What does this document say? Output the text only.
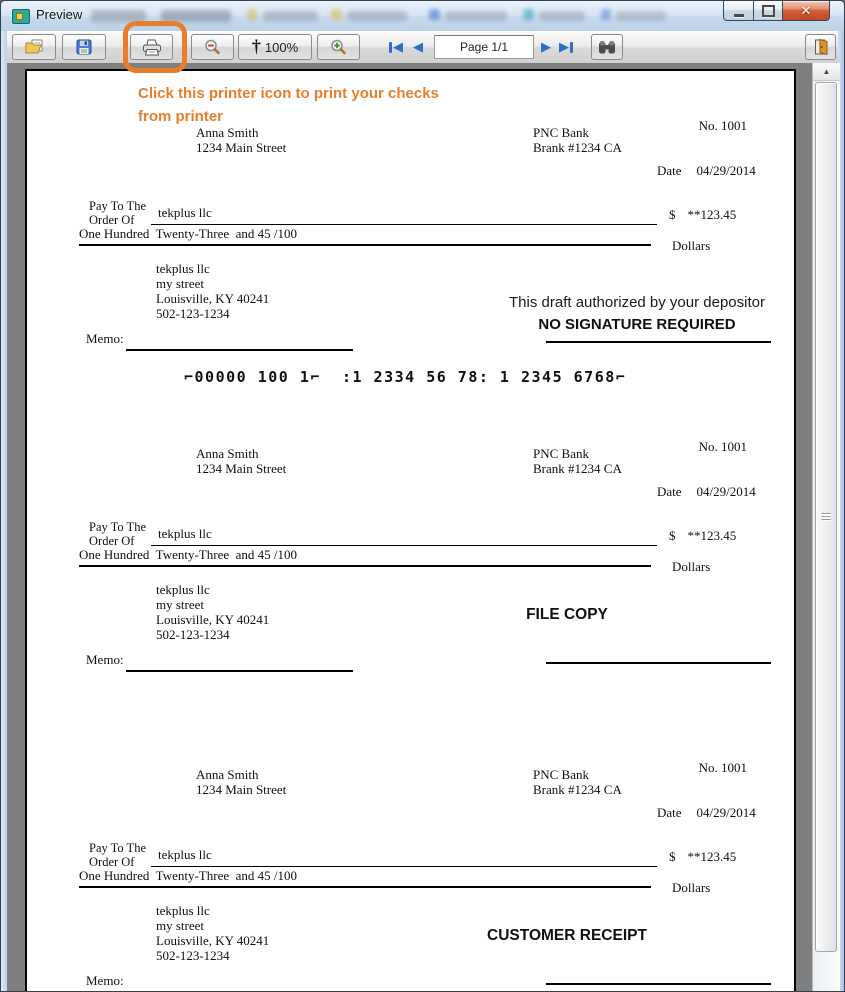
Preview	✕
† 100%	◀ ◀	Page 1/1	▶ ▶
Click this printer icon to print your checks
from printer
Anna Smith
1234 Main Street
PNC Bank
Brank #1234 CA
No. 1001
Date 04/29/2014
Pay To The
Order Of	tekplus llc	$ **123.45
One Hundred  Twenty-Three  and 45 /100
Dollars
tekplus llc
my street
Louisville, KY 40241
502-123-1234
This draft authorized by your depositor
NO SIGNATURE REQUIRED
Memo:
⌐00000 100 1⌐  :1 2334 56 78: 1 2345 6768⌐
Anna Smith
1234 Main Street
PNC Bank
Brank #1234 CA
No. 1001
Date 04/29/2014
Pay To The
Order Of	tekplus llc	$ **123.45
One Hundred  Twenty-Three  and 45 /100
Dollars
tekplus llc
my street
Louisville, KY 40241
502-123-1234
FILE COPY
Memo:
Anna Smith
1234 Main Street
PNC Bank
Brank #1234 CA
No. 1001
Date 04/29/2014
Pay To The
Order Of	tekplus llc	$ **123.45
One Hundred  Twenty-Three  and 45 /100
Dollars
tekplus llc
my street
Louisville, KY 40241
502-123-1234
CUSTOMER RECEIPT
Memo:
▲
